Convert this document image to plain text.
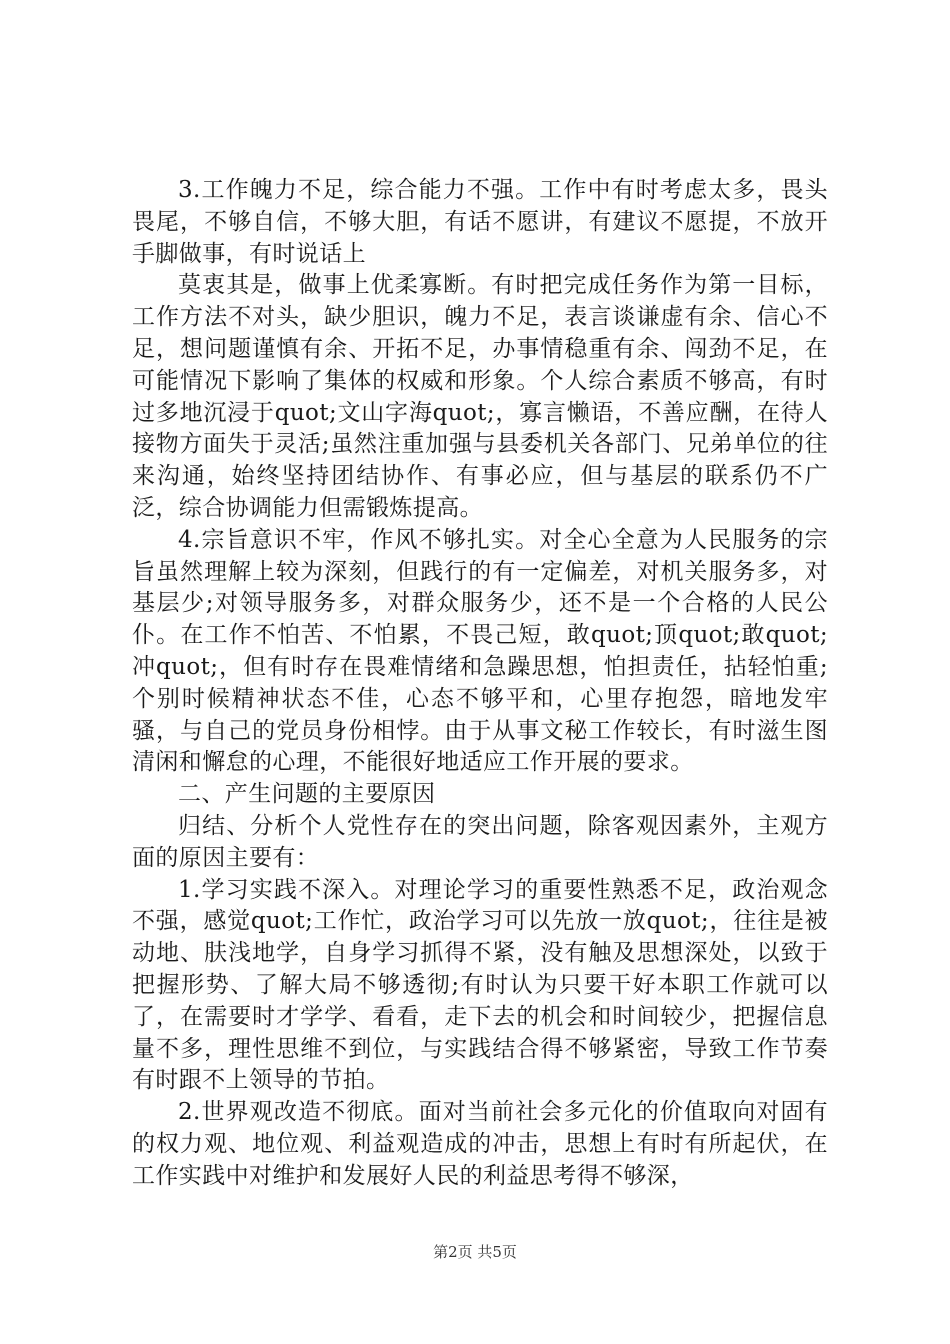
3.工作魄力不足，综合能力不强。工作中有时考虑太多，畏头畏尾，不够自信，不够大胆，有话不愿讲，有建议不愿提，不放开手脚做事，有时说话上

莫衷其是，做事上优柔寡断。有时把完成任务作为第一目标，工作方法不对头，缺少胆识，魄力不足，表言谈谦虚有余、信心不足，想问题谨慎有余、开拓不足，办事情稳重有余、闯劲不足，在可能情况下影响了集体的权威和形象。个人综合素质不够高，有时过多地沉浸于quot;文山字海quot;，寡言懒语，不善应酬，在待人接物方面失于灵活;虽然注重加强与县委机关各部门、兄弟单位的往来沟通，始终坚持团结协作、有事必应，但与基层的联系仍不广泛，综合协调能力但需锻炼提高。

4.宗旨意识不牢，作风不够扎实。对全心全意为人民服务的宗旨虽然理解上较为深刻，但践行的有一定偏差，对机关服务多，对基层少;对领导服务多，对群众服务少，还不是一个合格的人民公仆。在工作不怕苦、不怕累，不畏己短，敢quot;顶quot;敢quot;冲quot;，但有时存在畏难情绪和急躁思想，怕担责任，拈轻怕重;个别时候精神状态不佳，心态不够平和，心里存抱怨，暗地发牢骚，与自己的党员身份相悖。由于从事文秘工作较长，有时滋生图清闲和懈怠的心理，不能很好地适应工作开展的要求。

二、产生问题的主要原因

归结、分析个人党性存在的突出问题，除客观因素外，主观方面的原因主要有：

1.学习实践不深入。对理论学习的重要性熟悉不足，政治观念不强，感觉quot;工作忙，政治学习可以先放一放quot;，往往是被动地、肤浅地学，自身学习抓得不紧，没有触及思想深处，以致于把握形势、了解大局不够透彻;有时认为只要干好本职工作就可以了，在需要时才学学、看看，走下去的机会和时间较少，把握信息量不多，理性思维不到位，与实践结合得不够紧密，导致工作节奏有时跟不上领导的节拍。

2.世界观改造不彻底。面对当前社会多元化的价值取向对固有的权力观、地位观、利益观造成的冲击，思想上有时有所起伏，在工作实践中对维护和发展好人民的利益思考得不够深，

第2页 共5页
